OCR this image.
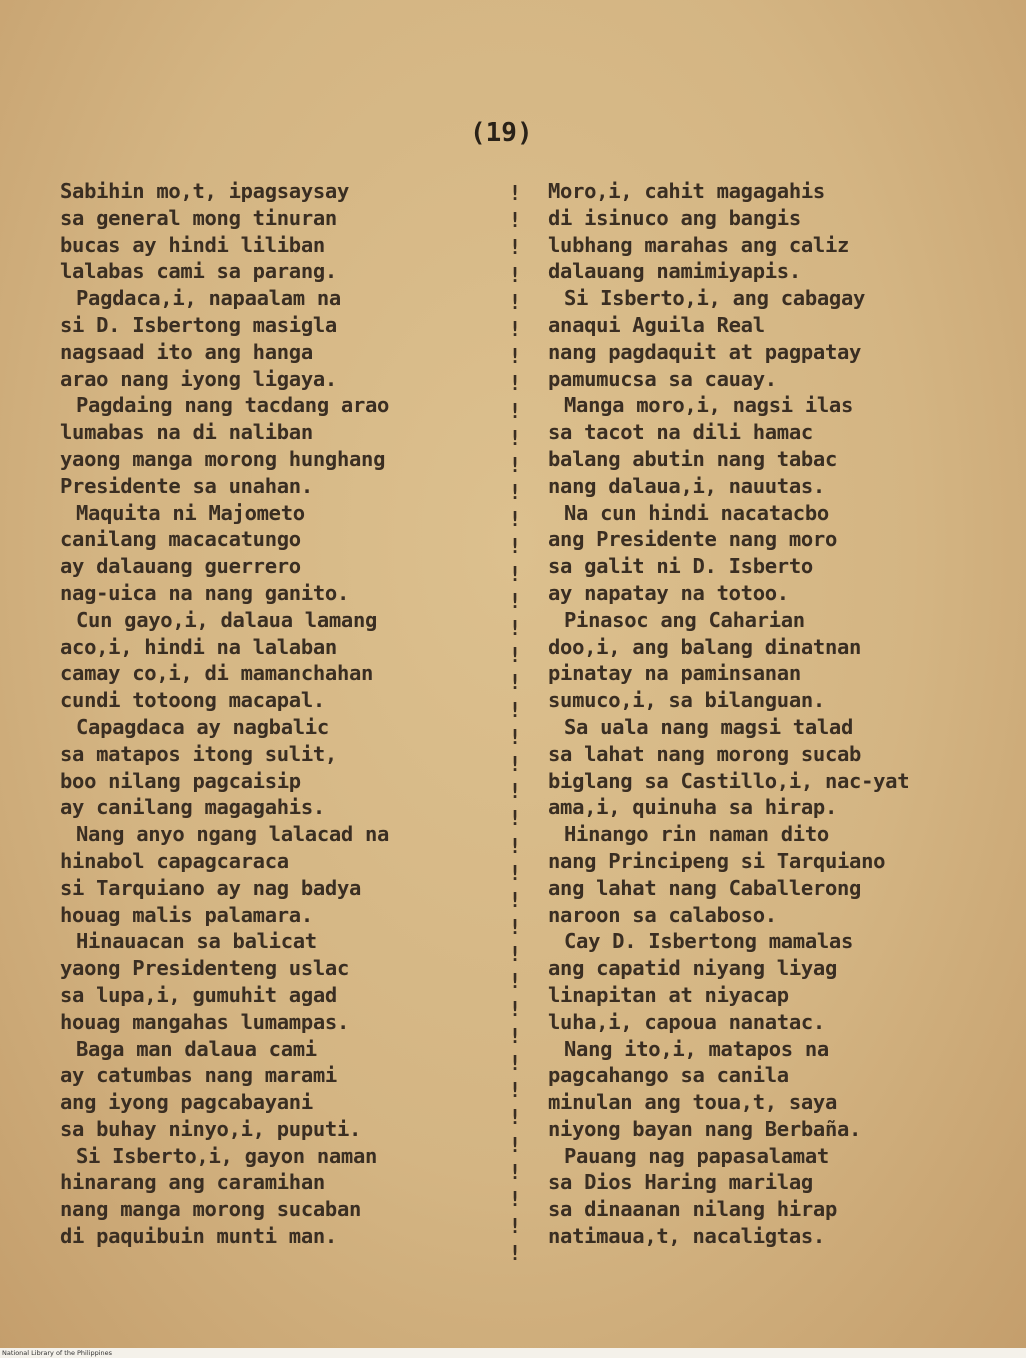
(19)
Sabihin mo,t, ipagsaysay
sa general mong tinuran
bucas ay hindi liliban
lalabas cami sa parang.
Pagdaca,i, napaalam na
si D. Isbertong masigla
nagsaad ito ang hanga
arao nang iyong ligaya.
Pagdaing nang tacdang arao
lumabas na di naliban
yaong manga morong hunghang
Presidente sa unahan.
Maquita ni Majometo
canilang macacatungo
ay dalauang guerrero
nag-uica na nang ganito.
Cun gayo,i, dalaua lamang
aco,i, hindi na lalaban
camay co,i, di mamanchahan
cundi totoong macapal.
Capagdaca ay nagbalic
sa matapos itong sulit,
boo nilang pagcaisip
ay canilang magagahis.
Nang anyo ngang lalacad na
hinabol capagcaraca
si Tarquiano ay nag badya
houag malis palamara.
Hinauacan sa balicat
yaong Presidenteng uslac
sa lupa,i, gumuhit agad
houag mangahas lumampas.
Baga man dalaua cami
ay catumbas nang marami
ang iyong pagcabayani
sa buhay ninyo,i, puputi.
Si Isberto,i, gayon naman
hinarang ang caramihan
nang manga morong sucaban
di paquibuin munti man.
!
!
!
!
!
!
!
!
!
!
!
!
!
!
!
!
!
!
!
!
!
!
!
!
!
!
!
!
!
!
!
!
!
!
!
!
!
!
!
!
Moro,i, cahit magagahis
di isinuco ang bangis
lubhang marahas ang caliz
dalauang namimiyapis.
Si Isberto,i, ang cabagay
anaqui Aguila Real
nang pagdaquit at pagpatay
pamumucsa sa cauay.
Manga moro,i, nagsi ilas
sa tacot na dili hamac
balang abutin nang tabac
nang dalaua,i, nauutas.
Na cun hindi nacatacbo
ang Presidente nang moro
sa galit ni D. Isberto
ay napatay na totoo.
Pinasoc ang Caharian
doo,i, ang balang dinatnan
pinatay na paminsanan
sumuco,i, sa bilanguan.
Sa uala nang magsi talad
sa lahat nang morong sucab
biglang sa Castillo,i, nac-yat
ama,i, quinuha sa hirap.
Hinango rin naman dito
nang Principeng si Tarquiano
ang lahat nang Caballerong
naroon sa calaboso.
Cay D. Isbertong mamalas
ang capatid niyang liyag
linapitan at niyacap
luha,i, capoua nanatac.
Nang ito,i, matapos na
pagcahango sa canila
minulan ang toua,t, saya
niyong bayan nang Berbaña.
Pauang nag papasalamat
sa Dios Haring marilag
sa dinaanan nilang hirap
natimaua,t, nacaligtas.
National Library of the Philippines
